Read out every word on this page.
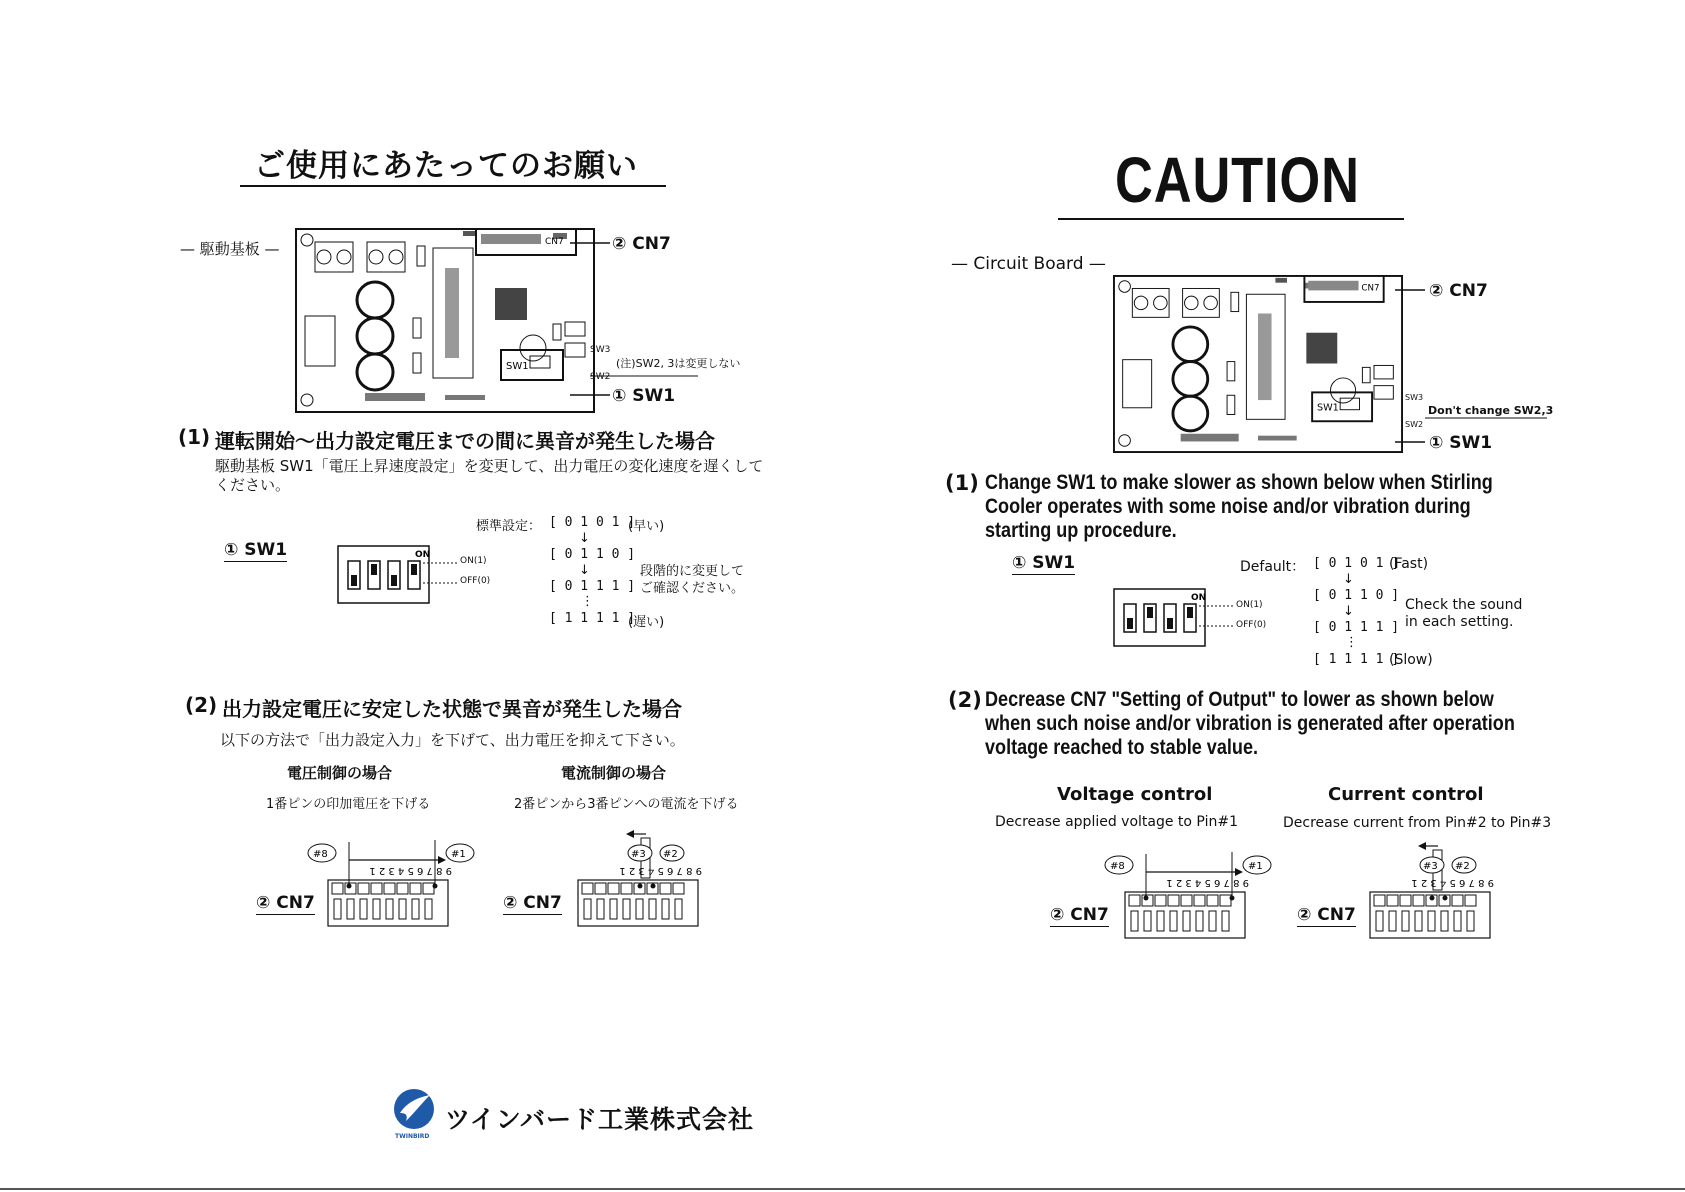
ご使用にあたってのお願い
— 駆動基板 —
SW1
CN7	② CN7
① SW1
SW3
SW2
(注)SW2, 3は変更しない
(1) 運転開始〜出力設定電圧までの間に異音が発生した場合
駆動基板 SW1「電圧上昇速度設定」を変更して、出力電圧の変化速度を遅くして
ください。
① SW1	ON
ON(1)
OFF(0)
標準設定： [ 0 1 0 1 ]
(早い)
↓
[ 0 1 1 0 ]
↓
[ 0 1 1 1 ]
段階的に変更して
ご確認ください。
⋮
[ 1 1 1 1 ]
(遅い)
(2) 出力設定電圧に安定した状態で異音が発生した場合
以下の方法で「出力設定入力」を下げて、出力電圧を抑えて下さい。
電圧制御の場合
1番ピンの印加電圧を下げる
電流制御の場合
2番ピンから3番ピンへの電流を下げる
#8	#1
9 8 7 6 5 4 3 2 1
② CN7
#3 #2
9 8 7 6 5 4 3 2 1
② CN7
TWINBIRD
ツインバード工業株式会社
CAUTION
— Circuit Board —
SW1
CN7	② CN7
① SW1
SW3
SW2
Don't change SW2,3
(1) Change SW1 to make slower as shown below when Stirling
Cooler operates with some noise and/or vibration during
starting up procedure.
① SW1
ON
ON(1)
OFF(0)
Default： [ 0 1 0 1 ]
(Fast)
↓
[ 0 1 1 0 ]
↓
[ 0 1 1 1 ]
Check the sound
in each setting.
⋮
[ 1 1 1 1 ]
(Slow)
(2) Decrease CN7 "Setting of Output" to lower as shown below
when such noise and/or vibration is generated after operation
voltage reached to stable value.
Voltage control
Decrease applied voltage to Pin#1
Current control
Decrease current from Pin#2 to Pin#3
#8	#1
9 8 7 6 5 4 3 2 1
② CN7
#3 #2
9 8 7 6 5 4 3 2 1
② CN7
